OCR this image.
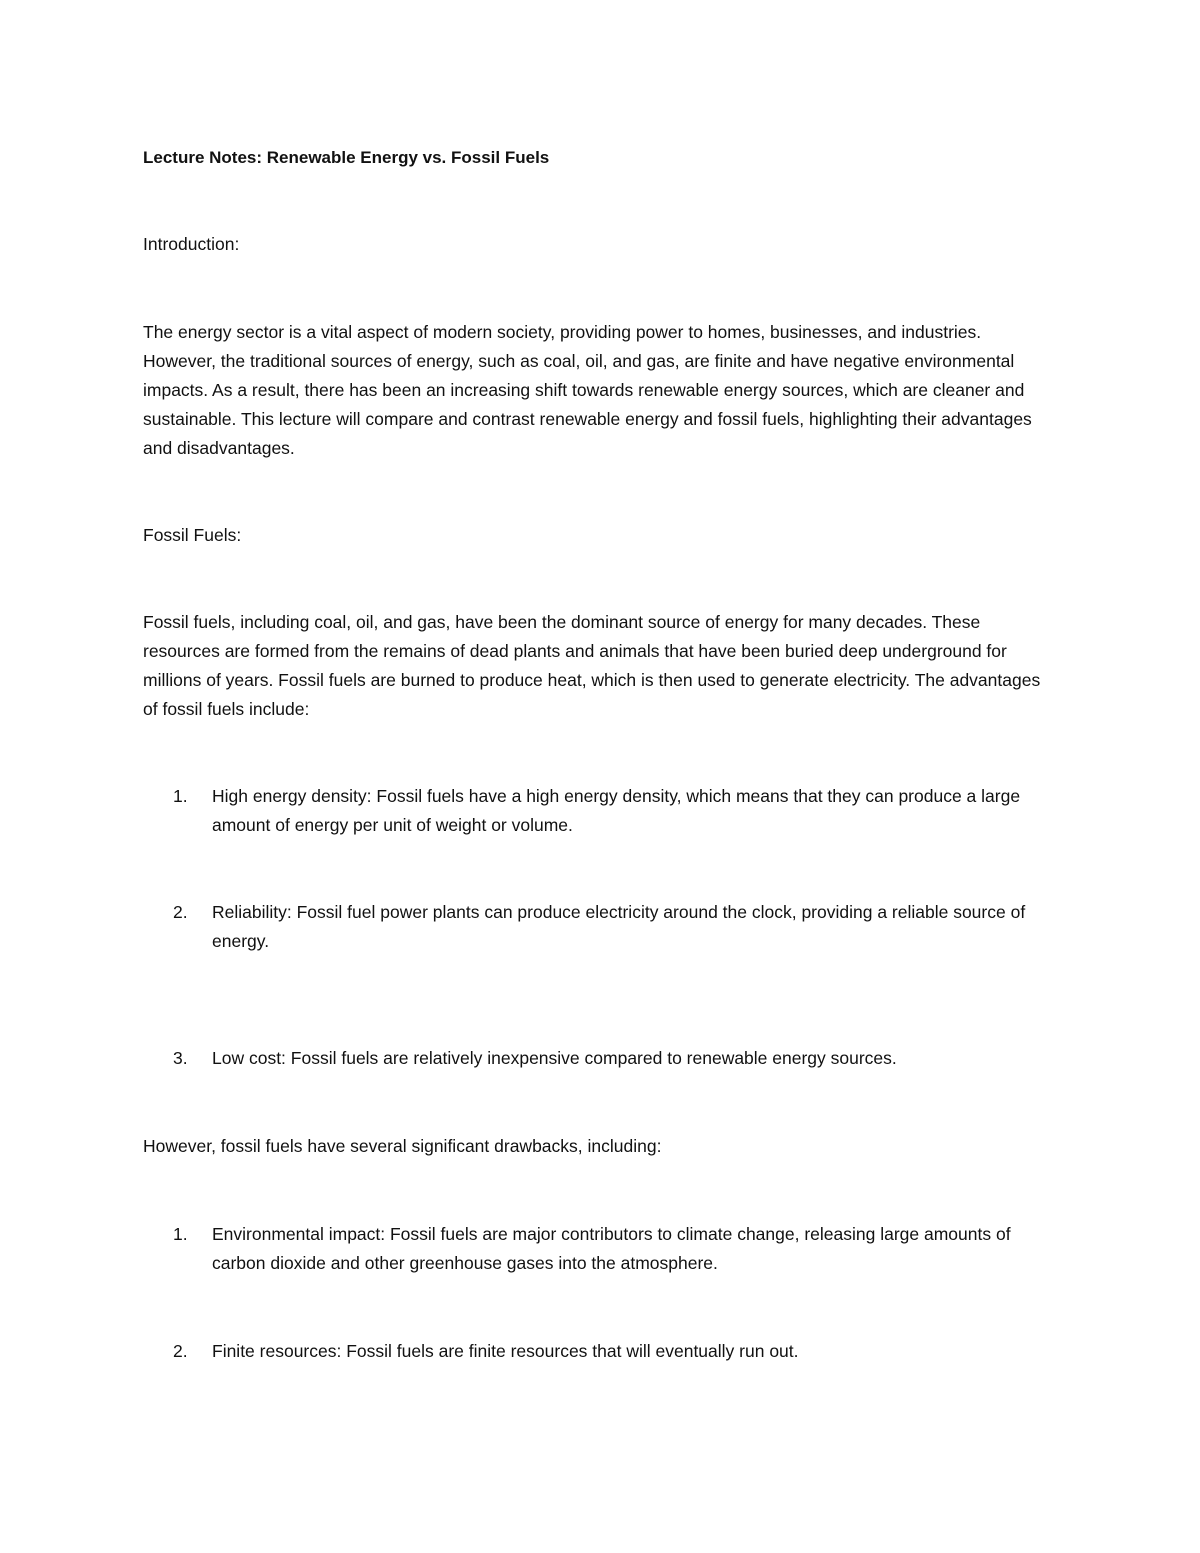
Lecture Notes: Renewable Energy vs. Fossil Fuels

Introduction:

The energy sector is a vital aspect of modern society, providing power to homes, businesses, and industries. However, the traditional sources of energy, such as coal, oil, and gas, are finite and have negative environmental impacts. As a result, there has been an increasing shift towards renewable energy sources, which are cleaner and sustainable. This lecture will compare and contrast renewable energy and fossil fuels, highlighting their advantages and disadvantages.

Fossil Fuels:

Fossil fuels, including coal, oil, and gas, have been the dominant source of energy for many decades. These resources are formed from the remains of dead plants and animals that have been buried deep underground for millions of years. Fossil fuels are burned to produce heat, which is then used to generate electricity. The advantages of fossil fuels include:

1. High energy density: Fossil fuels have a high energy density, which means that they can produce a large amount of energy per unit of weight or volume.
2. Reliability: Fossil fuel power plants can produce electricity around the clock, providing a reliable source of energy.
3. Low cost: Fossil fuels are relatively inexpensive compared to renewable energy sources.

However, fossil fuels have several significant drawbacks, including:

1. Environmental impact: Fossil fuels are major contributors to climate change, releasing large amounts of carbon dioxide and other greenhouse gases into the atmosphere.
2. Finite resources: Fossil fuels are finite resources that will eventually run out.
